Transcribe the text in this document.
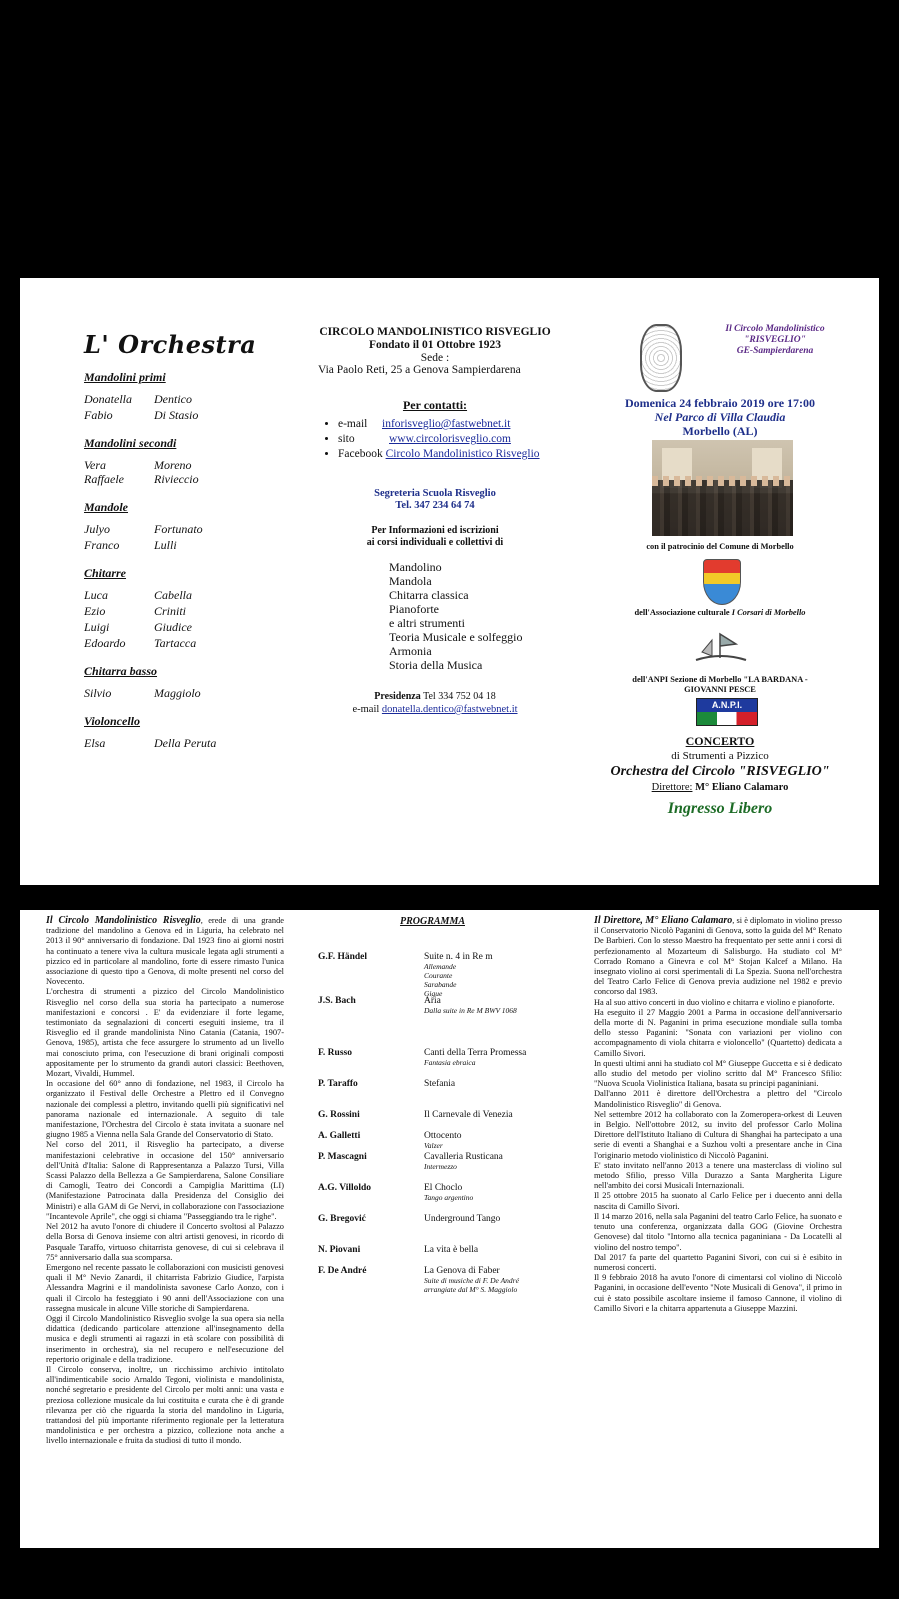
L' Orchestra	CIRCOLO MANDOLINISTICO RISVEGLIO
Fondato il 01 Ottobre 1923
Sede :
Via Paolo Reti, 25 a Genova Sampierdarena
Per contatti:
• e-mail inforisveglio@fastwebnet.it
• sito	www.circolorisveglio.com
• Facebook Circolo Mandolinistico Risveglio
Segreteria Scuola Risveglio
Tel. 347 234 64 74
Per Informazioni ed iscrizioni
ai corsi individuali e collettivi di
Mandolino
Mandola
Chitarra classica
Pianoforte
e altri strumenti
Teoria Musicale e solfeggio
Armonia
Storia della Musica
Presidenza Tel 334 752 04 18
e-mail donatella.dentico@fastwebnet.it
Il Circolo Mandolinistico
"RISVEGLIO"
GE-Sampierdarena
Domenica 24 febbraio 2019 ore 17:00
Nel Parco di Villa Claudia
Morbello (AL)
con il patrocinio del Comune di Morbello
dell'Associazione culturale I Corsari di Morbello
dell'ANPI Sezione di Morbello "LA BARDANA -
GIOVANNI PESCE
A.N.P.I.
CONCERTO
di Strumenti a Pizzico
Orchestra del Circolo "RISVEGLIO"
Direttore: M° Eliano Calamaro
Ingresso Libero
Mandolini primi
Donatella Dentico
Fabio	Di Stasio
Mandolini secondi
Vera	Moreno
Raffaele	Rivieccio
Mandole
Julyo	Fortunato
Franco	Lulli
Chitarre
Luca	Cabella
Ezio	Criniti
Luigi	Giudice
Edoardo Tartacca
Chitarra basso
Silvio	Maggiolo
Violoncello
Elsa	Della Peruta
Il Circolo Mandolinistico Risveglio, erede di una grande tradizione del mandolino a Genova ed in Liguria, ha celebrato nel 2013 il 90° anniversario di fondazione. Dal 1923 fino ai giorni nostri ha continuato a tenere viva la cultura musicale legata agli strumenti a pizzico ed in particolare al mandolino, forte di essere rimasto l'unica associazione di questo tipo a Genova, di molte presenti nel corso del Novecento.
L'orchestra di strumenti a pizzico del Circolo Mandolinistico Risveglio nel corso della sua storia ha partecipato a numerose manifestazioni e concorsi . E' da evidenziare il forte legame, testimoniato da segnalazioni di concerti eseguiti insieme, tra il Risveglio ed il grande mandolinista Nino Catania (Catania, 1907-Genova, 1985), artista che fece assurgere lo strumento ad un livello mai conosciuto prima, con l'esecuzione di brani originali composti appositamente per lo strumento da grandi autori classici: Beethoven, Mozart, Vivaldi, Hummel.
In occasione del 60° anno di fondazione, nel 1983, il Circolo ha organizzato il Festival delle Orchestre a Plettro ed il Convegno nazionale dei complessi a plettro, invitando quelli più significativi nel panorama nazionale ed internazionale. A seguito di tale manifestazione, l'Orchestra del Circolo è stata invitata a suonare nel giugno 1985 a Vienna nella Sala Grande del Conservatorio di Stato.
Nel corso del 2011, il Risveglio ha partecipato, a diverse manifestazioni celebrative in occasione del 150° anniversario dell'Unità d'Italia: Salone di Rappresentanza a Palazzo Tursi, Villa Scassi Palazzo della Bellezza a Ge Sampierdarena, Salone Consiliare di Camogli, Teatro dei Concordi a Campiglia Marittima (LI) (Manifestazione Patrocinata dalla Presidenza del Consiglio dei Ministri) e alla GAM di Ge Nervi, in collaborazione con l'associazione "Incantevole Aprile", che oggi si chiama "Passeggiando tra le righe".
Nel 2012 ha avuto l'onore di chiudere il Concerto svoltosi al Palazzo della Borsa di Genova insieme con altri artisti genovesi, in ricordo di Pasquale Taraffo, virtuoso chitarrista genovese, di cui si celebrava il 75° anniversario dalla sua scomparsa.
Emergono nel recente passato le collaborazioni con musicisti genovesi quali il M° Nevio Zanardi, il chitarrista Fabrizio Giudice, l'arpista Alessandra Magrini e il mandolinista savonese Carlo Aonzo, con i quali il Circolo ha festeggiato i 90 anni dell'Associazione con una rassegna musicale in alcune Ville storiche di Sampierdarena.
Oggi il Circolo Mandolinistico Risveglio svolge la sua opera sia nella didattica (dedicando particolare attenzione all'insegnamento della musica e degli strumenti ai ragazzi in età scolare con possibilità di inserimento in orchestra), sia nel recupero e nell'esecuzione del repertorio originale e della tradizione.
Il Circolo conserva, inoltre, un ricchissimo archivio intitolato all'indimenticabile socio Arnaldo Tegoni, violinista e mandolinista, nonché segretario e presidente del Circolo per molti anni: una vasta e preziosa collezione musicale da lui costituita e curata che è di grande rilevanza per ciò che riguarda la storia del mandolino in Liguria, trattandosi del più importante riferimento regionale per la letteratura mandolinistica e per orchestra a pizzico, collezione nota anche a livello internazionale e fruita da studiosi di tutto il mondo.
PROGRAMMA	Il Direttore, M° Eliano Calamaro, si è diplomato in violino presso il Conservatorio Nicolò Paganini di Genova, sotto la guida del M° Renato De Barbieri. Con lo stesso Maestro ha frequentato per sette anni i corsi di perfezionamento al Mozarteum di Salisburgo. Ha studiato col M° Corrado Romano a Ginevra e col M° Stojan Kalcef a Milano. Ha insegnato violino ai corsi sperimentali di La Spezia. Suona nell'orchestra del Teatro Carlo Felice di Genova previa audizione nel 1982 e previo concorso dal 1983.
Ha al suo attivo concerti in duo violino e chitarra e violino e pianoforte.
Ha eseguito il 27 Maggio 2001 a Parma in occasione dell'anniversario della morte di N. Paganini in prima esecuzione mondiale sulla tomba dello stesso Paganini: "Sonata con variazioni per violino con accompagnamento di viola chitarra e violoncello" (Quartetto) dedicata a Camillo Sivori.
In questi ultimi anni ha studiato col M° Giuseppe Guccetta e si è dedicato allo studio del metodo per violino scritto dal M° Francesco Sfilio: "Nuova Scuola Violinistica Italiana, basata su principi paganiniani.
Dall'anno 2011 è direttore dell'Orchestra a plettro del "Circolo Mandolinistico Risveglio" di Genova.
Nel settembre 2012 ha collaborato con la Zomeropera-orkest di Leuven in Belgio. Nell'ottobre 2012, su invito del professor Carlo Molina Direttore dell'Istituto Italiano di Cultura di Shanghai ha partecipato a una serie di eventi a Shanghai e a Suzhou volti a presentare anche in Cina l'originario metodo violinistico di Niccolò Paganini.
E' stato invitato nell'anno 2013 a tenere una masterclass di violino sul metodo Sfilio, presso Villa Durazzo a Santa Margherita Ligure nell'ambito dei corsi Musicali Internazionali.
Il 25 ottobre 2015 ha suonato al Carlo Felice per i duecento anni della nascita di Camillo Sivori.
Il 14 marzo 2016, nella sala Paganini del teatro Carlo Felice, ha suonato e tenuto una conferenza, organizzata dalla GOG (Giovine Orchestra Genovese) dal titolo "Intorno alla tecnica paganiniana - Da Locatelli al violino del nostro tempo".
Dal 2017 fa parte del quartetto Paganini Sivori, con cui si è esibito in numerosi concerti.
Il 9 febbraio 2018 ha avuto l'onore di cimentarsi col violino di Niccolò Paganini, in occasione dell'evento "Note Musicali di Genova", il primo in cui è stato possibile ascoltare insieme il famoso Cannone, il violino di Camillo Sivori e la chitarra appartenuta a Giuseppe Mazzini.
G.F. Händel	Suite n. 4 in Re m
Allemande
Courante
Sarabande
Gigue
J.S. Bach	Aria
Dalla suite in Re M BWV 1068
F. Russo	Canti della Terra Promessa
Fantasia ebraica
P. Taraffo	Stefania
G. Rossini	Il Carnevale di Venezia
A. Galletti	Ottocento
Valzer
P. Mascagni	Cavalleria Rusticana
Intermezzo
A.G. Villoldo	El Choclo
Tango argentino
G. Bregović	Underground Tango
N. Piovani	La vita è bella
F. De André	La Genova di Faber
Suite di musiche di F. De André
arrangiate dal M° S. Maggiolo
